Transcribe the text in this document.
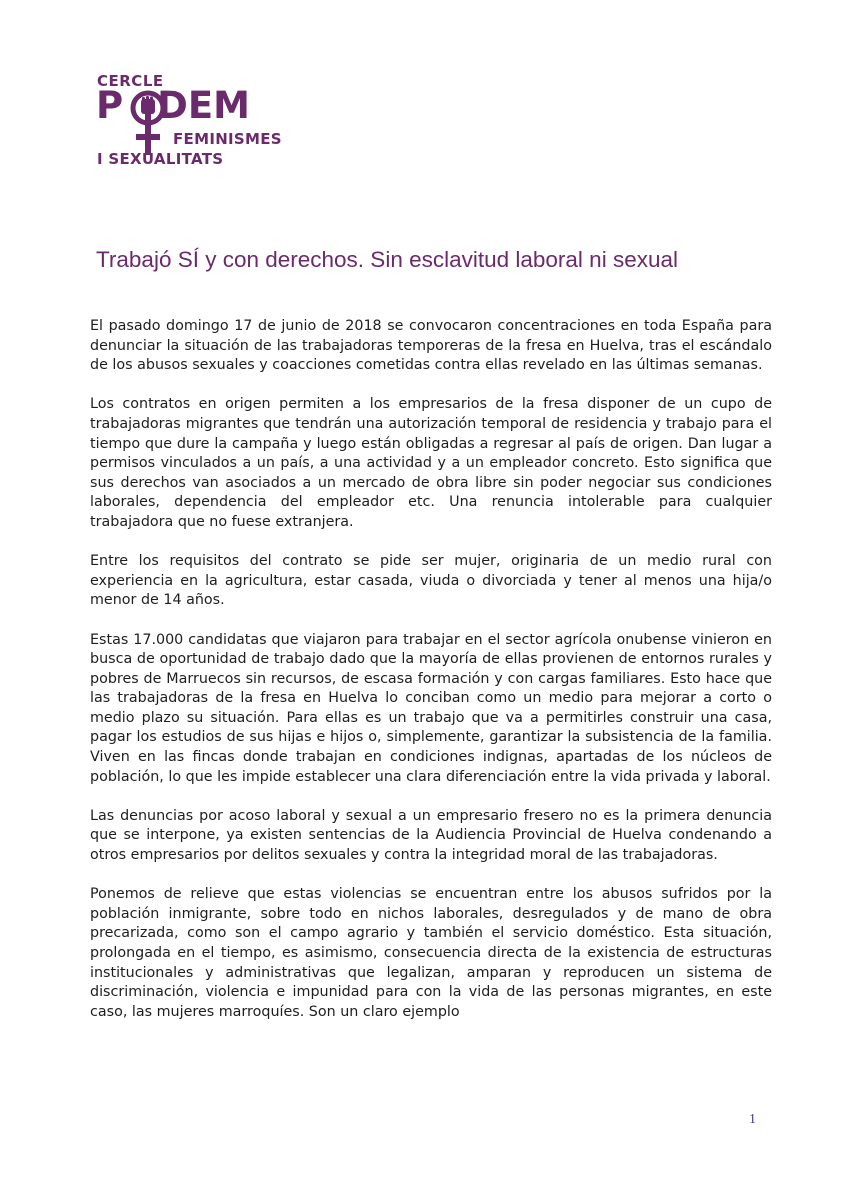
CERCLE
P DEM
FEMINISMES
I SEXUALITATS
Trabajó SÍ y con derechos. Sin esclavitud laboral ni sexual

El pasado domingo 17 de junio de 2018 se convocaron concentraciones en toda España para denunciar la situación de las trabajadoras temporeras de la fresa en Huelva, tras el escándalo de los abusos sexuales y coacciones cometidas contra ellas revelado en las últimas semanas.

Los contratos en origen permiten a los empresarios de la fresa disponer de un cupo de trabajadoras migrantes que tendrán una autorización temporal de residencia y trabajo para el tiempo que dure la campaña y luego están obligadas a regresar al país de origen. Dan lugar a permisos vinculados a un país, a una actividad y a un empleador concreto. Esto significa que sus derechos van asociados a un mercado de obra libre sin poder negociar sus condiciones laborales, dependencia del empleador etc. Una renuncia intolerable para cualquier trabajadora que no fuese extranjera.

Entre los requisitos del contrato se pide ser mujer, originaria de un medio rural con experiencia en la agricultura, estar casada, viuda o divorciada y tener al menos una hija/o menor de 14 años.

Estas 17.000 candidatas que viajaron para trabajar en el sector agrícola onubense vinieron en busca de oportunidad de trabajo dado que la mayoría de ellas provienen de entornos rurales y pobres de Marruecos sin recursos, de escasa formación y con cargas familiares. Esto hace que las trabajadoras de la fresa en Huelva lo conciban como un medio para mejorar a corto o medio plazo su situación. Para ellas es un trabajo que va a permitirles construir una casa, pagar los estudios de sus hijas e hijos o, simplemente, garantizar la subsistencia de la familia. Viven en las fincas donde trabajan en condiciones indignas, apartadas de los núcleos de población, lo que les impide establecer una clara diferenciación entre la vida privada y laboral.

Las denuncias por acoso laboral y sexual a un empresario fresero no es la primera denuncia que se interpone, ya existen sentencias de la Audiencia Provincial de Huelva condenando a otros empresarios por delitos sexuales y contra la integridad moral de las trabajadoras.

Ponemos de relieve que estas violencias se encuentran entre los abusos sufridos por la población inmigrante, sobre todo en nichos laborales, desregulados y de mano de obra precarizada, como son el campo agrario y también el servicio doméstico. Esta situación, prolongada en el tiempo, es asimismo, consecuencia directa de la existencia de estructuras institucionales y administrativas que legalizan, amparan y reproducen un sistema de discriminación, violencia e impunidad para con la vida de las personas migrantes, en este caso, las mujeres marroquíes. Son un claro ejemplo

1
